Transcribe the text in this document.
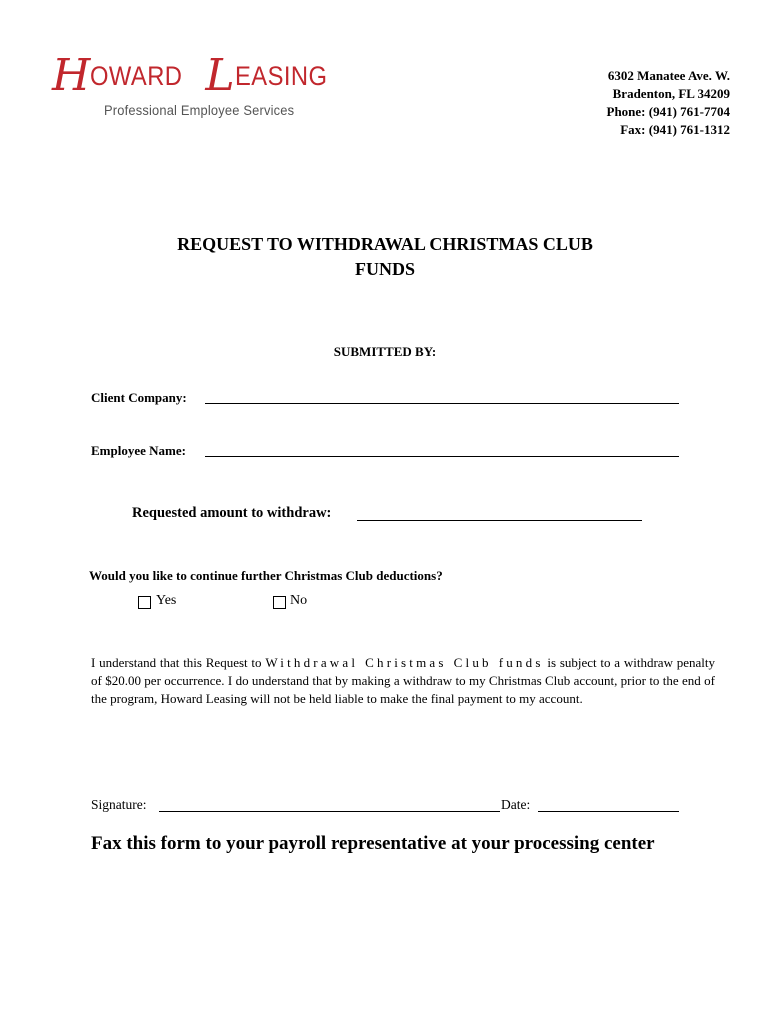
HOWARD LEASING
Professional Employee Services
6302 Manatee Ave. W.
Bradenton, FL 34209
Phone: (941) 761-7704
Fax: (941) 761-1312
REQUEST TO WITHDRAWAL CHRISTMAS CLUB
FUNDS
SUBMITTED BY:
Client Company:
Employee Name:
Requested amount to withdraw:
Would you like to continue further Christmas Club deductions?
Yes	No
I understand that this Request to Withdrawal Christmas Club funds is subject to a withdraw penalty of $20.00 per occurrence. I do understand that by making a withdraw to my Christmas Club account, prior to the end of the program, Howard Leasing will not be held liable to make the final payment to my account.
Signature:	Date:
Fax this form to your payroll representative at your processing center
